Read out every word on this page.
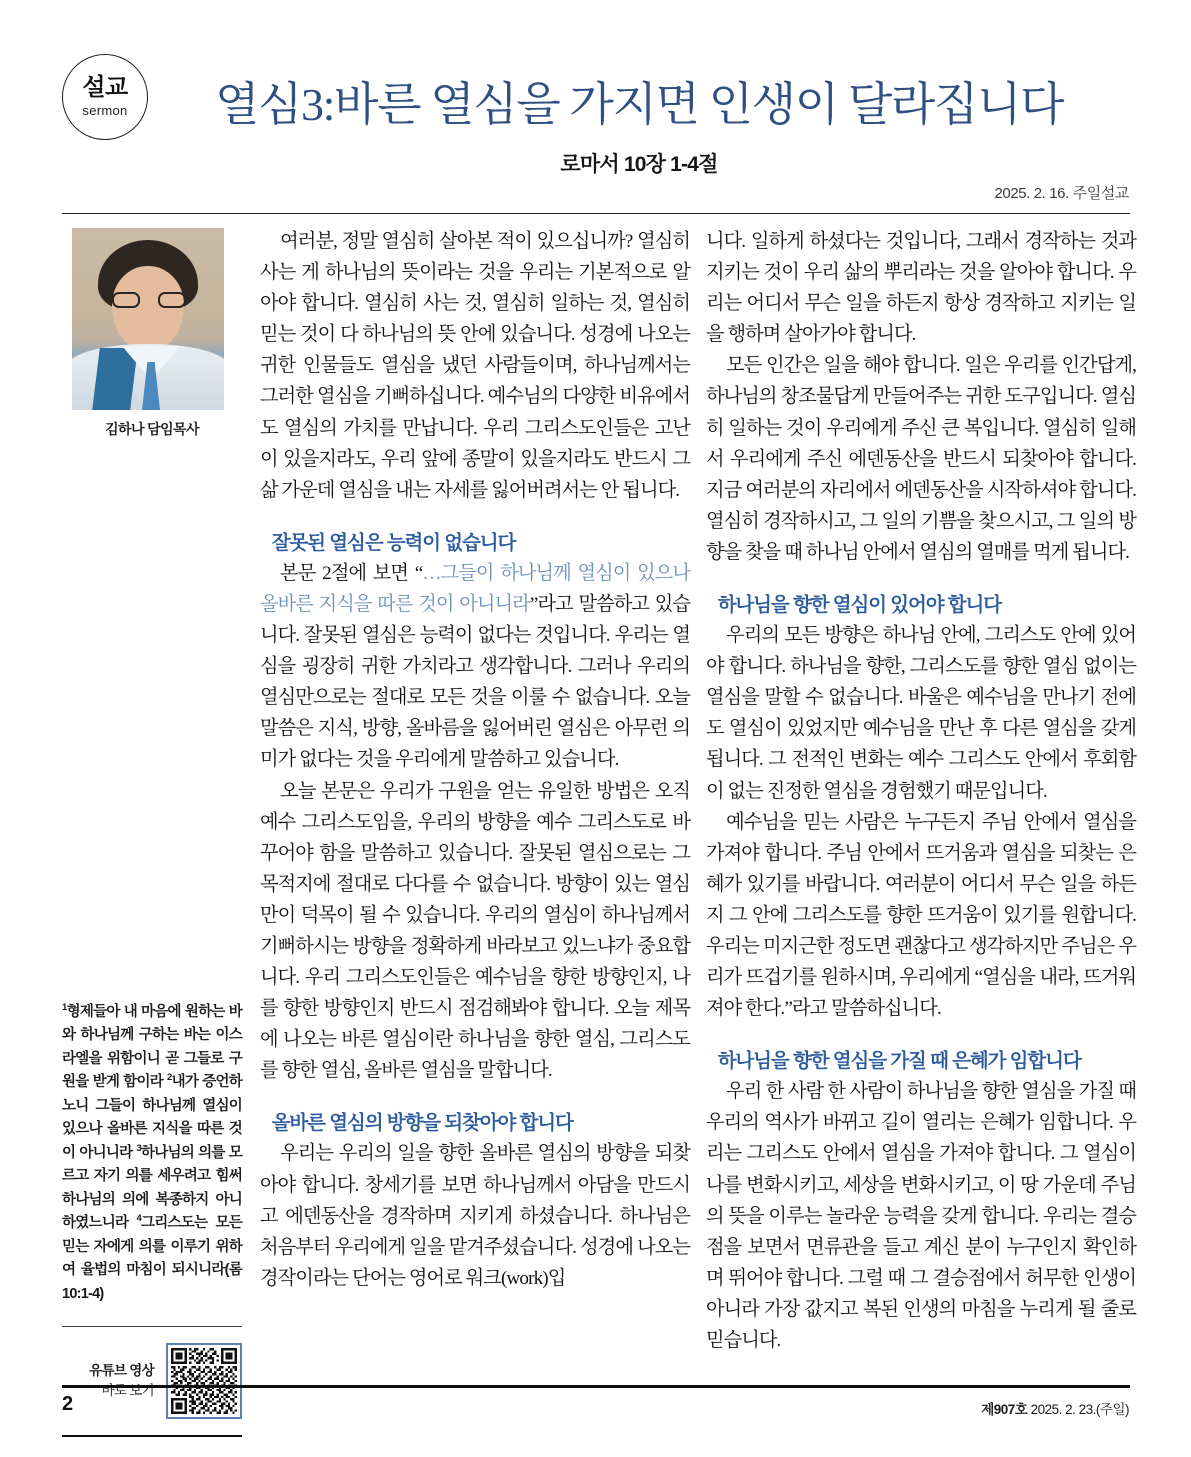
설교
sermon	열심3:바른 열심을 가지면 인생이 달라집니다
로마서 10장 1-4절
2025. 2. 16. 주일설교
김하나 담임목사
$^1$형제들아 내 마음에 원하는 바와 하나님께 구하는 바는 이스라엘을 위함이니 곧 그들로 구원을 받게 함이라 $^2$내가 증언하노니 그들이 하나님께 열심이 있으나 올바른 지식을 따른 것이 아니니라 $^3$하나님의 의를 모르고 자기 의를 세우려고 힘써 하나님의 의에 복종하지 아니하였느니라 $^4$그리스도는 모든 믿는 자에게 의를 이루기 위하여 율법의 마침이 되시니라(롬 10:1-4)
유튜브 영상
바로 보기

여러분, 정말 열심히 살아본 적이 있으십니까? 열심히 사는 게 하나님의 뜻이라는 것을 우리는 기본적으로 알아야 합니다. 열심히 사는 것, 열심히 일하는 것, 열심히 믿는 것이 다 하나님의 뜻 안에 있습니다. 성경에 나오는 귀한 인물들도 열심을 냈던 사람들이며, 하나님께서는 그러한 열심을 기뻐하십니다. 예수님의 다양한 비유에서도 열심의 가치를 만납니다. 우리 그리스도인들은 고난이 있을지라도, 우리 앞에 종말이 있을지라도 반드시 그 삶 가운데 열심을 내는 자세를 잃어버려서는 안 됩니다.

잘못된 열심은 능력이 없습니다

본문 2절에 보면 “…그들이 하나님께 열심이 있으나 올바른 지식을 따른 것이 아니니라”라고 말씀하고 있습니다. 잘못된 열심은 능력이 없다는 것입니다. 우리는 열심을 굉장히 귀한 가치라고 생각합니다. 그러나 우리의 열심만으로는 절대로 모든 것을 이룰 수 없습니다. 오늘 말씀은 지식, 방향, 올바름을 잃어버린 열심은 아무런 의미가 없다는 것을 우리에게 말씀하고 있습니다.

오늘 본문은 우리가 구원을 얻는 유일한 방법은 오직 예수 그리스도임을, 우리의 방향을 예수 그리스도로 바꾸어야 함을 말씀하고 있습니다. 잘못된 열심으로는 그 목적지에 절대로 다다를 수 없습니다. 방향이 있는 열심만이 덕목이 될 수 있습니다. 우리의 열심이 하나님께서 기뻐하시는 방향을 정확하게 바라보고 있느냐가 중요합니다. 우리 그리스도인들은 예수님을 향한 방향인지, 나를 향한 방향인지 반드시 점검해봐야 합니다. 오늘 제목에 나오는 바른 열심이란 하나님을 향한 열심, 그리스도를 향한 열심, 올바른 열심을 말합니다.

올바른 열심의 방향을 되찾아야 합니다

우리는 우리의 일을 향한 올바른 열심의 방향을 되찾아야 합니다. 창세기를 보면 하나님께서 아담을 만드시고 에덴동산을 경작하며 지키게 하셨습니다. 하나님은 처음부터 우리에게 일을 맡겨주셨습니다. 성경에 나오는 경작이라는 단어는 영어로 워크(work)입

니다. 일하게 하셨다는 것입니다, 그래서 경작하는 것과 지키는 것이 우리 삶의 뿌리라는 것을 알아야 합니다. 우리는 어디서 무슨 일을 하든지 항상 경작하고 지키는 일을 행하며 살아가야 합니다.

모든 인간은 일을 해야 합니다. 일은 우리를 인간답게, 하나님의 창조물답게 만들어주는 귀한 도구입니다. 열심히 일하는 것이 우리에게 주신 큰 복입니다. 열심히 일해서 우리에게 주신 에덴동산을 반드시 되찾아야 합니다. 지금 여러분의 자리에서 에덴동산을 시작하셔야 합니다. 열심히 경작하시고, 그 일의 기쁨을 찾으시고, 그 일의 방향을 찾을 때 하나님 안에서 열심의 열매를 먹게 됩니다.

하나님을 향한 열심이 있어야 합니다

우리의 모든 방향은 하나님 안에, 그리스도 안에 있어야 합니다. 하나님을 향한, 그리스도를 향한 열심 없이는 열심을 말할 수 없습니다. 바울은 예수님을 만나기 전에도 열심이 있었지만 예수님을 만난 후 다른 열심을 갖게 됩니다. 그 전적인 변화는 예수 그리스도 안에서 후회함이 없는 진정한 열심을 경험했기 때문입니다.

예수님을 믿는 사람은 누구든지 주님 안에서 열심을 가져야 합니다. 주님 안에서 뜨거움과 열심을 되찾는 은혜가 있기를 바랍니다. 여러분이 어디서 무슨 일을 하든지 그 안에 그리스도를 향한 뜨거움이 있기를 원합니다. 우리는 미지근한 정도면 괜찮다고 생각하지만 주님은 우리가 뜨겁기를 원하시며, 우리에게 “열심을 내라, 뜨거워져야 한다.”라고 말씀하십니다.

하나님을 향한 열심을 가질 때 은혜가 임합니다

우리 한 사람 한 사람이 하나님을 향한 열심을 가질 때 우리의 역사가 바뀌고 길이 열리는 은혜가 임합니다. 우리는 그리스도 안에서 열심을 가져야 합니다. 그 열심이 나를 변화시키고, 세상을 변화시키고, 이 땅 가운데 주님의 뜻을 이루는 놀라운 능력을 갖게 합니다. 우리는 결승점을 보면서 면류관을 들고 계신 분이 누구인지 확인하며 뛰어야 합니다. 그럴 때 그 결승점에서 허무한 인생이 아니라 가장 값지고 복된 인생의 마침을 누리게 될 줄로 믿습니다.

2	제907호 2025. 2. 23.(주일)
